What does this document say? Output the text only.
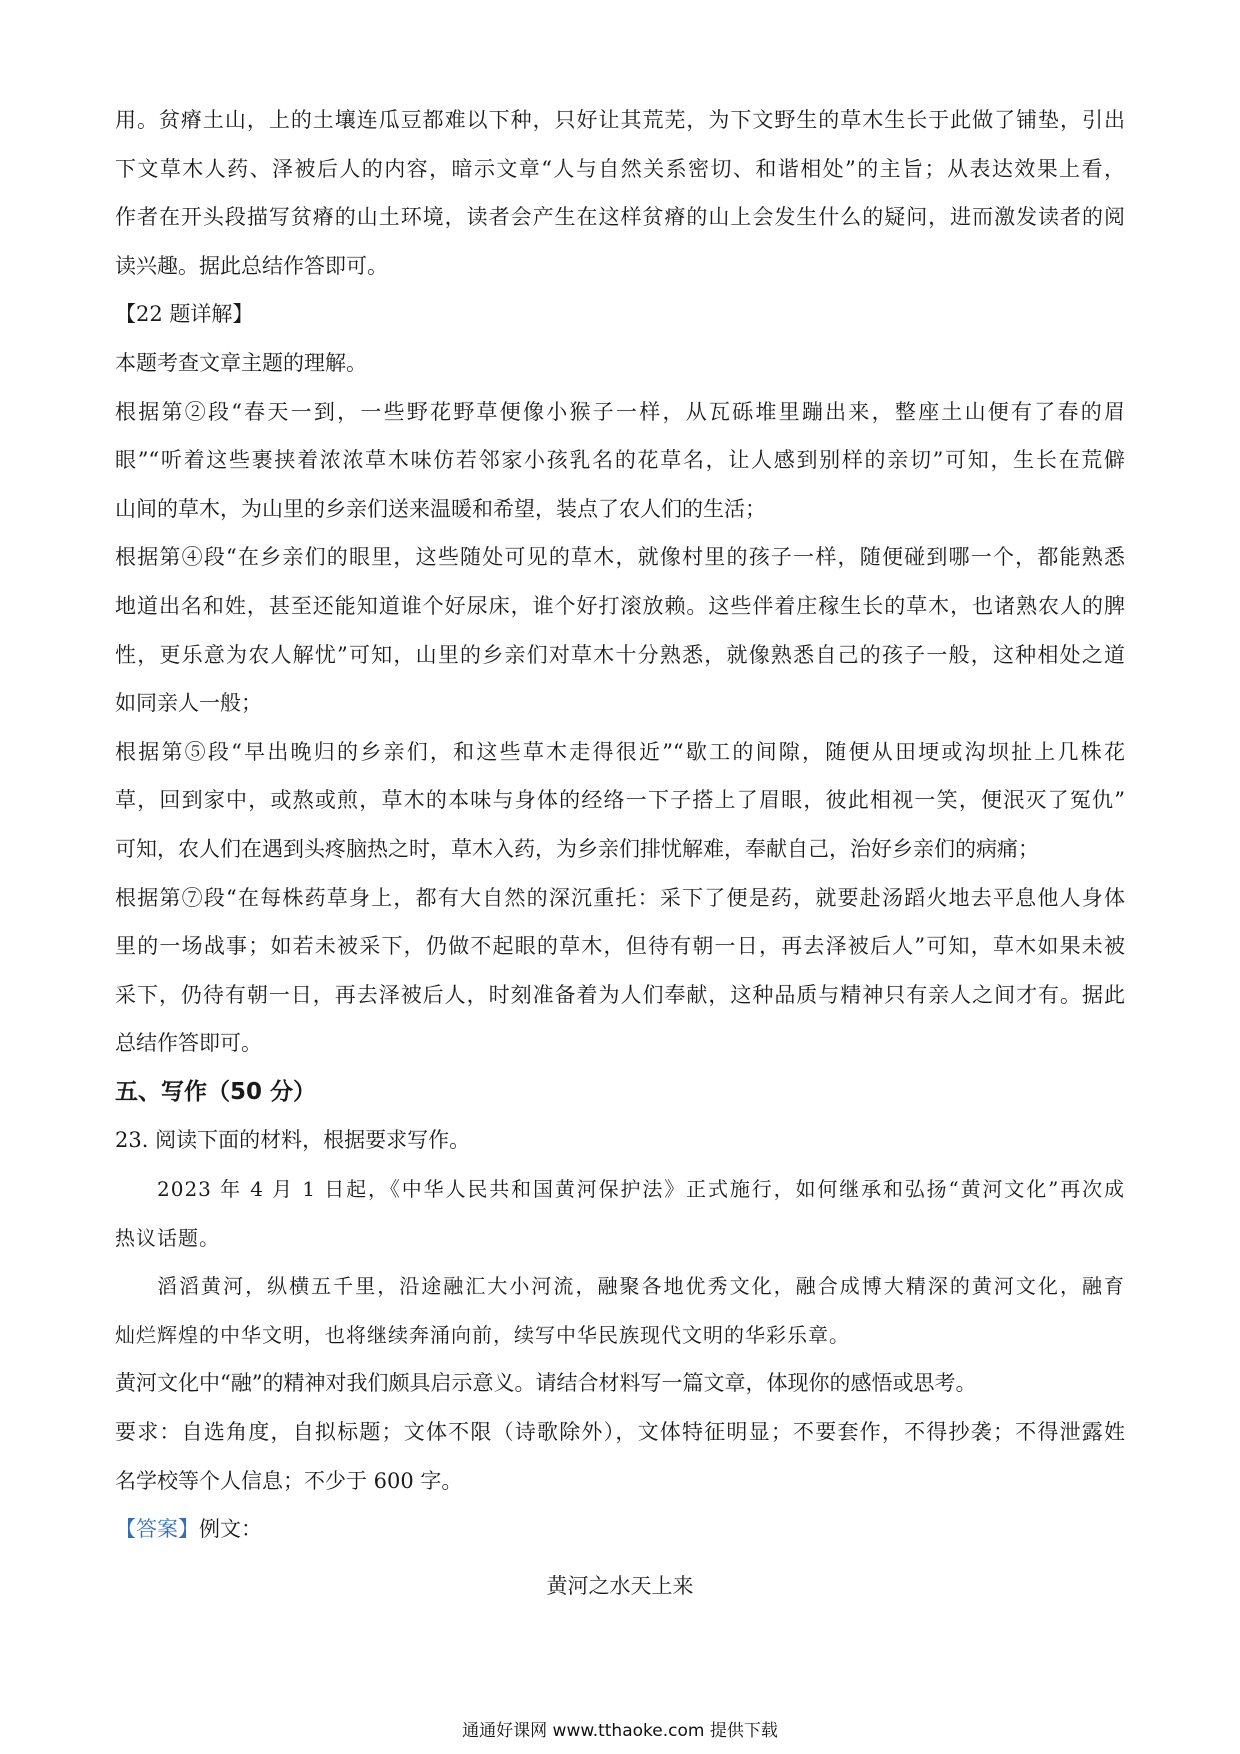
用。贫瘠土山，上的土壤连瓜豆都难以下种，只好让其荒芜，为下文野生的草木生长于此做了铺垫，引出
下文草木人药、泽被后人的内容，暗示文章“人与自然关系密切、和谐相处”的主旨；从表达效果上看，
作者在开头段描写贫瘠的山土环境，读者会产生在这样贫瘠的山上会发生什么的疑问，进而激发读者的阅
读兴趣。据此总结作答即可。
【22 题详解】
本题考查文章主题的理解。
根据第②段“春天一到，一些野花野草便像小猴子一样，从瓦砾堆里蹦出来，整座土山便有了春的眉
眼”“听着这些裹挟着浓浓草木味仿若邻家小孩乳名的花草名，让人感到别样的亲切”可知，生长在荒僻
山间的草木，为山里的乡亲们送来温暖和希望，装点了农人们的生活；
根据第④段“在乡亲们的眼里，这些随处可见的草木，就像村里的孩子一样，随便碰到哪一个，都能熟悉
地道出名和姓，甚至还能知道谁个好尿床，谁个好打滚放赖。这些伴着庄稼生长的草木，也诸熟农人的脾
性，更乐意为农人解忧”可知，山里的乡亲们对草木十分熟悉，就像熟悉自己的孩子一般，这种相处之道
如同亲人一般；
根据第⑤段“早出晚归的乡亲们，和这些草木走得很近”“歇工的间隙，随便从田埂或沟坝扯上几株花
草，回到家中，或熬或煎，草木的本味与身体的经络一下子搭上了眉眼，彼此相视一笑，便泯灭了冤仇”
可知，农人们在遇到头疼脑热之时，草木入药，为乡亲们排忧解难，奉献自己，治好乡亲们的病痛；
根据第⑦段“在每株药草身上，都有大自然的深沉重托：采下了便是药，就要赴汤蹈火地去平息他人身体
里的一场战事；如若未被采下，仍做不起眼的草木，但待有朝一日，再去泽被后人”可知，草木如果未被
采下，仍待有朝一日，再去泽被后人，时刻准备着为人们奉献，这种品质与精神只有亲人之间才有。据此
总结作答即可。
五、写作（50 分）
23. 阅读下面的材料，根据要求写作。
2023 年 4 月 1 日起，《中华人民共和国黄河保护法》正式施行，如何继承和弘扬“黄河文化”再次成
热议话题。
滔滔黄河，纵横五千里，沿途融汇大小河流，融聚各地优秀文化，融合成博大精深的黄河文化，融育
灿烂辉煌的中华文明，也将继续奔涌向前，续写中华民族现代文明的华彩乐章。
黄河文化中“融”的精神对我们颇具启示意义。请结合材料写一篇文章，体现你的感悟或思考。
要求：自选角度，自拟标题；文体不限（诗歌除外），文体特征明显；不要套作，不得抄袭；不得泄露姓
名学校等个人信息；不少于 600 字。
【答案】例文：
黄河之水天上来
通通好课网 www.tthaoke.com 提供下载
